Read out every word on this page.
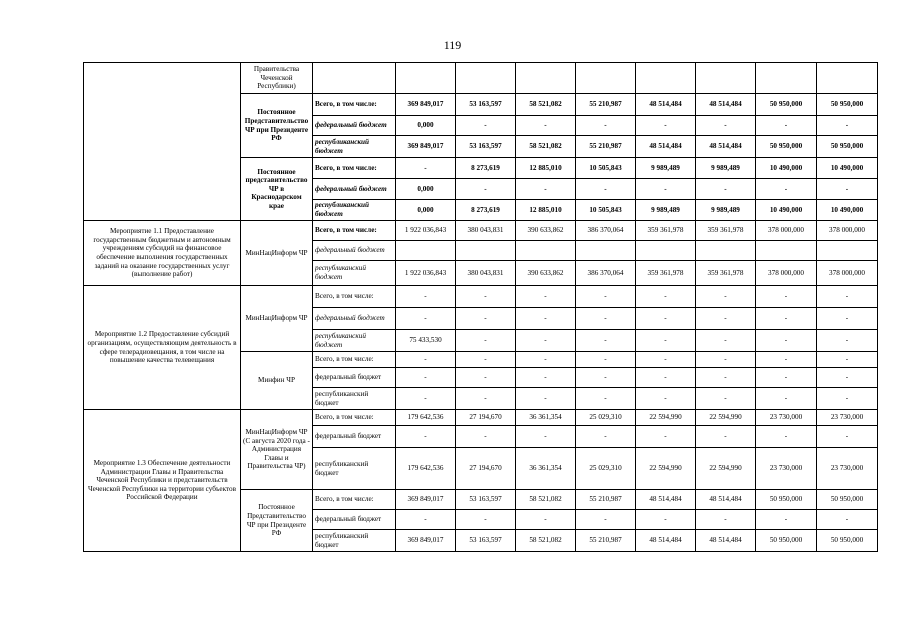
119
	Правительства Чеченской Республики)									
	Постоянное Представительство ЧР при Президенте РФ	Всего, в том числе:	369 849,017	53 163,597	58 521,082	55 210,987	48 514,484	48 514,484	50 950,000	50 950,000
		федеральный бюджет	0,000	-	-	-	-	-	-	-
		республиканский бюджет	369 849,017	53 163,597	58 521,082	55 210,987	48 514,484	48 514,484	50 950,000	50 950,000
	Постоянное представительство ЧР в Краснодарском крае	Всего, в том числе:	-	8 273,619	12 885,010	10 505,843	9 989,489	9 989,489	10 490,000	10 490,000
		федеральный бюджет	0,000	-	-	-	-	-	-	-
		республиканский бюджет	0,000	8 273,619	12 885,010	10 505,843	9 989,489	9 989,489	10 490,000	10 490,000
Мероприятие 1.1 Предоставление государственным бюджетным и автономным учреждениям субсидий на финансовое обеспечение выполнения государственных заданий на оказание государственных услуг (выполнение работ)	МинНацИнформ ЧР	Всего, в том числе:	1 922 036,843	380 043,831	390 633,862	386 370,064	359 361,978	359 361,978	378 000,000	378 000,000
		федеральный бюджет								
		республиканский бюджет	1 922 036,843	380 043,831	390 633,862	386 370,064	359 361,978	359 361,978	378 000,000	378 000,000
Мероприятие 1.2 Предоставление субсидий организациям, осуществляющим деятельность в сфере телерадиовещания, в том числе на повышение качества телевещания	МинНацИнформ ЧР	Всего, в том числе:	-	-	-	-	-	-	-	-
		федеральный бюджет	-	-	-	-	-	-	-	-
		республиканский бюджет	75 433,530	-	-	-	-	-	-	-
	Минфин ЧР	Всего, в том числе:	-	-	-	-	-	-	-	-
		федеральный бюджет	-	-	-	-	-	-	-	-
		республиканский бюджет	-	-	-	-	-	-	-	-
Мероприятие 1.3 Обеспечение деятельности Администрации Главы и Правительства Чеченской Республики и представительств Чеченской Республики на территории субъектов Российской Федерации	МинНацИнформ ЧР (С августа 2020 года - Администрация Главы и Правительства ЧР)	Всего, в том числе:	179 642,536	27 194,670	36 361,354	25 029,310	22 594,990	22 594,990	23 730,000	23 730,000
		федеральный бюджет	-	-	-	-	-	-	-	-
		республиканский бюджет	179 642,536	27 194,670	36 361,354	25 029,310	22 594,990	22 594,990	23 730,000	23 730,000
	Постоянное Представительство ЧР при Президенте РФ	Всего, в том числе:	369 849,017	53 163,597	58 521,082	55 210,987	48 514,484	48 514,484	50 950,000	50 950,000
		федеральный бюджет	-	-	-	-	-	-	-	-
		республиканский бюджет	369 849,017	53 163,597	58 521,082	55 210,987	48 514,484	48 514,484	50 950,000	50 950,000
